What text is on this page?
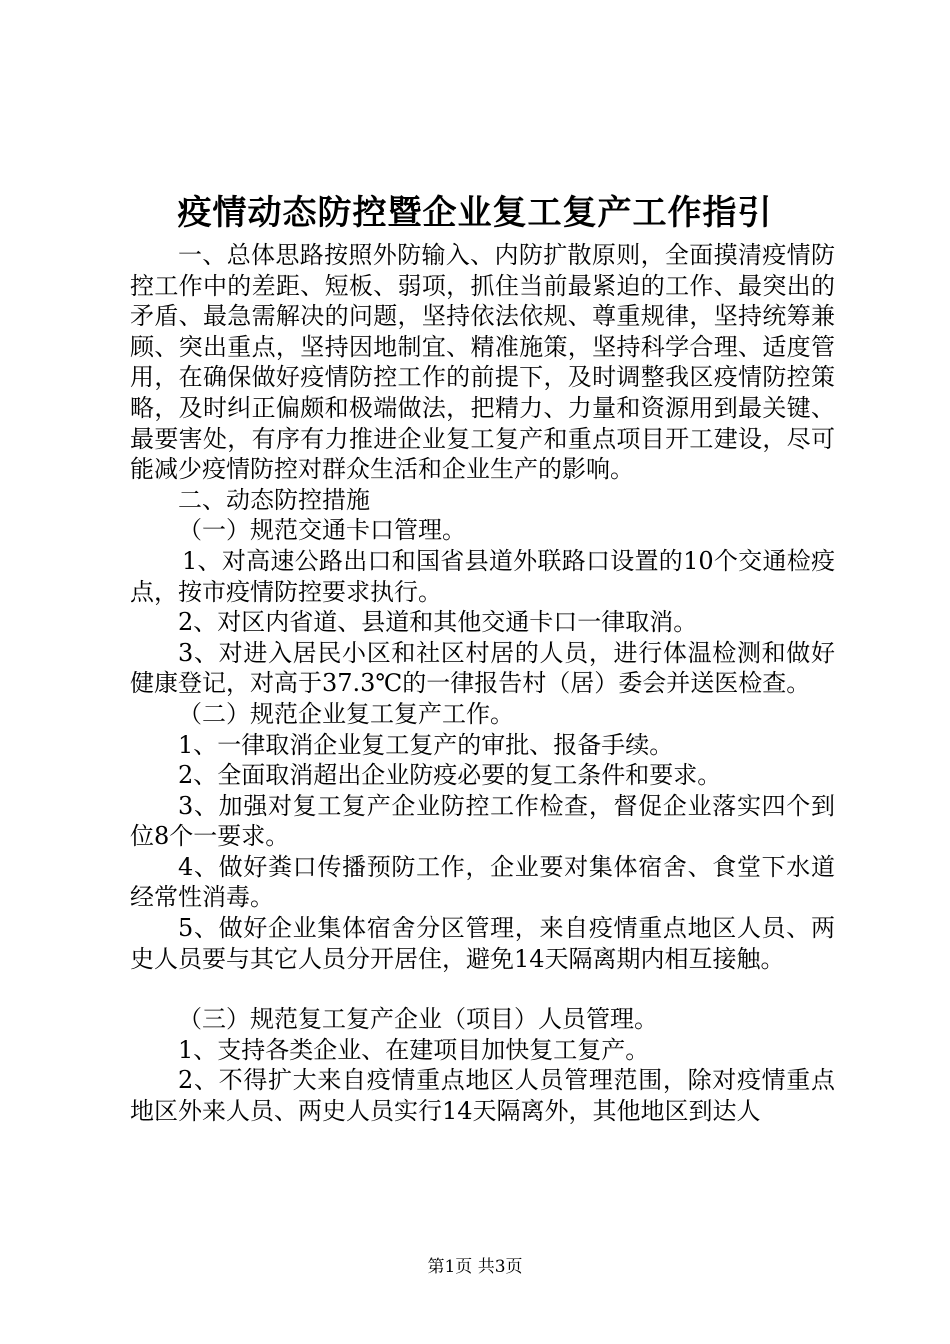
疫情动态防控暨企业复工复产工作指引

一、总体思路按照外防输入、内防扩散原则，全面摸清疫情防控工作中的差距、短板、弱项，抓住当前最紧迫的工作、最突出的矛盾、最急需解决的问题，坚持依法依规、尊重规律，坚持统筹兼顾、突出重点，坚持因地制宜、精准施策，坚持科学合理、适度管用，在确保做好疫情防控工作的前提下，及时调整我区疫情防控策略，及时纠正偏颇和极端做法，把精力、力量和资源用到最关键、最要害处，有序有力推进企业复工复产和重点项目开工建设，尽可能减少疫情防控对群众生活和企业生产的影响。

二、动态防控措施

（一）规范交通卡口管理。

1、对高速公路出口和国省县道外联路口设置的10个交通检疫点，按市疫情防控要求执行。

2、对区内省道、县道和其他交通卡口一律取消。

3、对进入居民小区和社区村居的人员，进行体温检测和做好健康登记，对高于37.3℃的一律报告村（居）委会并送医检查。

（二）规范企业复工复产工作。

1、一律取消企业复工复产的审批、报备手续。

2、全面取消超出企业防疫必要的复工条件和要求。

3、加强对复工复产企业防控工作检查，督促企业落实四个到位8个一要求。

4、做好粪口传播预防工作，企业要对集体宿舍、食堂下水道经常性消毒。

5、做好企业集体宿舍分区管理，来自疫情重点地区人员、两史人员要与其它人员分开居住，避免14天隔离期内相互接触。

（三）规范复工复产企业（项目）人员管理。

1、支持各类企业、在建项目加快复工复产。

2、不得扩大来自疫情重点地区人员管理范围，除对疫情重点地区外来人员、两史人员实行14天隔离外，其他地区到达人

第1页 共3页
